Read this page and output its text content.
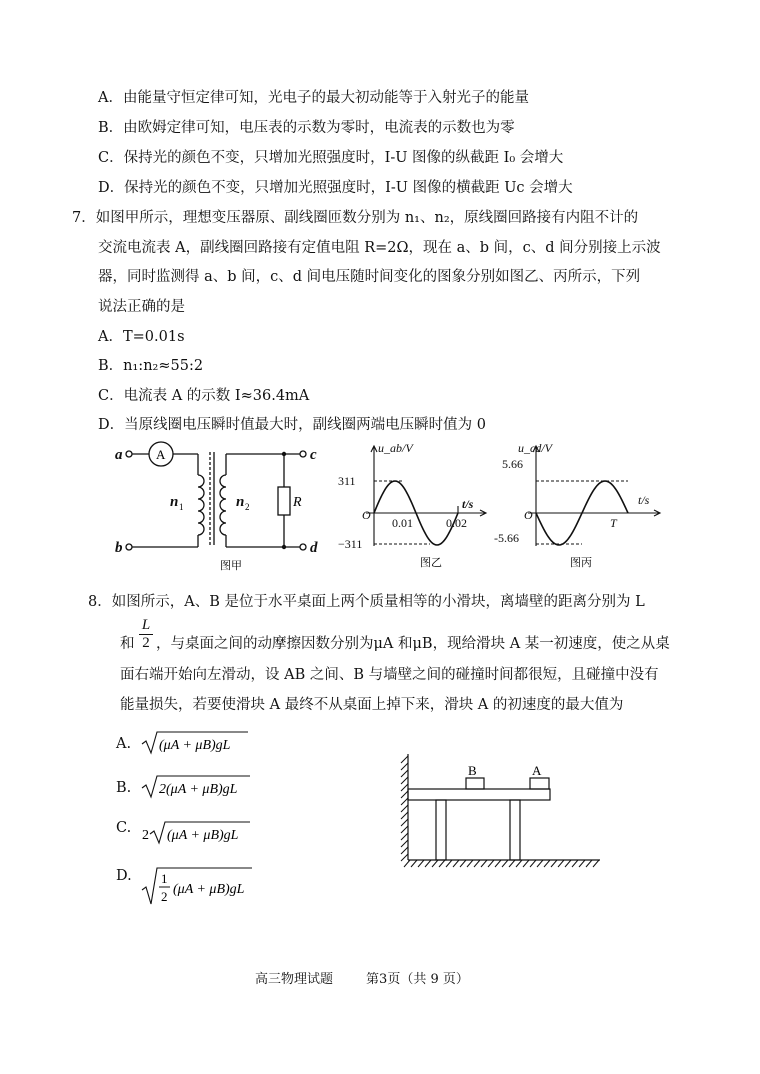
A．由能量守恒定律可知，光电子的最大初动能等于入射光子的能量
B．由欧姆定律可知，电压表的示数为零时，电流表的示数也为零
C．保持光的颜色不变，只增加光照强度时，I-U 图像的纵截距 I₀ 会增大
D．保持光的颜色不变，只增加光照强度时，I-U 图像的横截距 Uc 会增大
7．如图甲所示，理想变压器原、副线圈匝数分别为 n₁、n₂，原线圈回路接有内阻不计的
交流电流表 A，副线圈回路接有定值电阻 R=2Ω，现在 a、b 间，c、d 间分别接上示波
器，同时监测得 a、b 间，c、d 间电压随时间变化的图象分别如图乙、丙所示，下列
说法正确的是
A．T=0.01s
B．n₁:n₂≈55:2
C．电流表 A 的示数 I≈36.4mA
D．当原线圈电压瞬时值最大时，副线圈两端电压瞬时值为 0
a
b
c
d
n	n
1	2
A
R
图甲
u_ab/V
t/s
O
311
−311
0.01	0.02
图乙
u_cd/V
t/s
O
5.66
-5.66
T
图丙
8．如图所示，A、B 是位于水平桌面上两个质量相等的小滑块，离墙壁的距离分别为 L
和
L
2 ，与桌面之间的动摩擦因数分别为μA 和μB，现给滑块 A 某一初速度，使之从桌
面右端开始向左滑动，设 AB 之间、B 与墙壁之间的碰撞时间都很短，且碰撞中没有
能量损失，若要使滑块 A 最终不从桌面上掉下来，滑块 A 的初速度的最大值为
A. (μA + μB)gL
B. 2(μA + μB)gL
C. 2 (μA + μB)gL
D. 1
2 (μA + μB)gL
B	A
高三物理试题        第3页（共 9 页）
